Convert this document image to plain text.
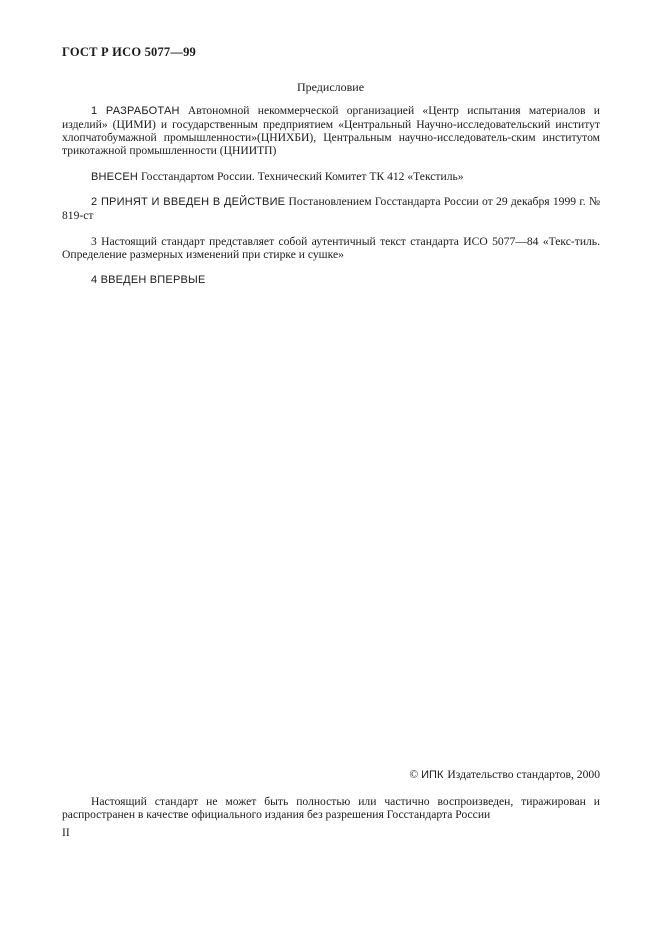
ГОСТ Р ИСО 5077—99
Предисловие
1 РАЗРАБОТАН Автономной некоммерческой организацией «Центр испытания материалов и изделий» (ЦИМИ) и государственным предприятием «Центральный Научно-исследовательский институт хлопчатобумажной промышленности»(ЦНИХБИ), Центральным научно-исследователь-ским институтом трикотажной промышленности (ЦНИИТП)
ВНЕСЕН Госстандартом России. Технический Комитет ТК 412 «Текстиль»
2 ПРИНЯТ И ВВЕДЕН В ДЕЙСТВИЕ Постановлением Госстандарта России от 29 декабря 1999 г. № 819-ст
3 Настоящий стандарт представляет собой аутентичный текст стандарта ИСО 5077—84 «Текс-тиль. Определение размерных изменений при стирке и сушке»
4 ВВЕДЕН ВПЕРВЫЕ
© ИПК Издательство стандартов, 2000
Настоящий стандарт не может быть полностью или частично воспроизведен, тиражирован и распространен в качестве официального издания без разрешения Госстандарта России
II
